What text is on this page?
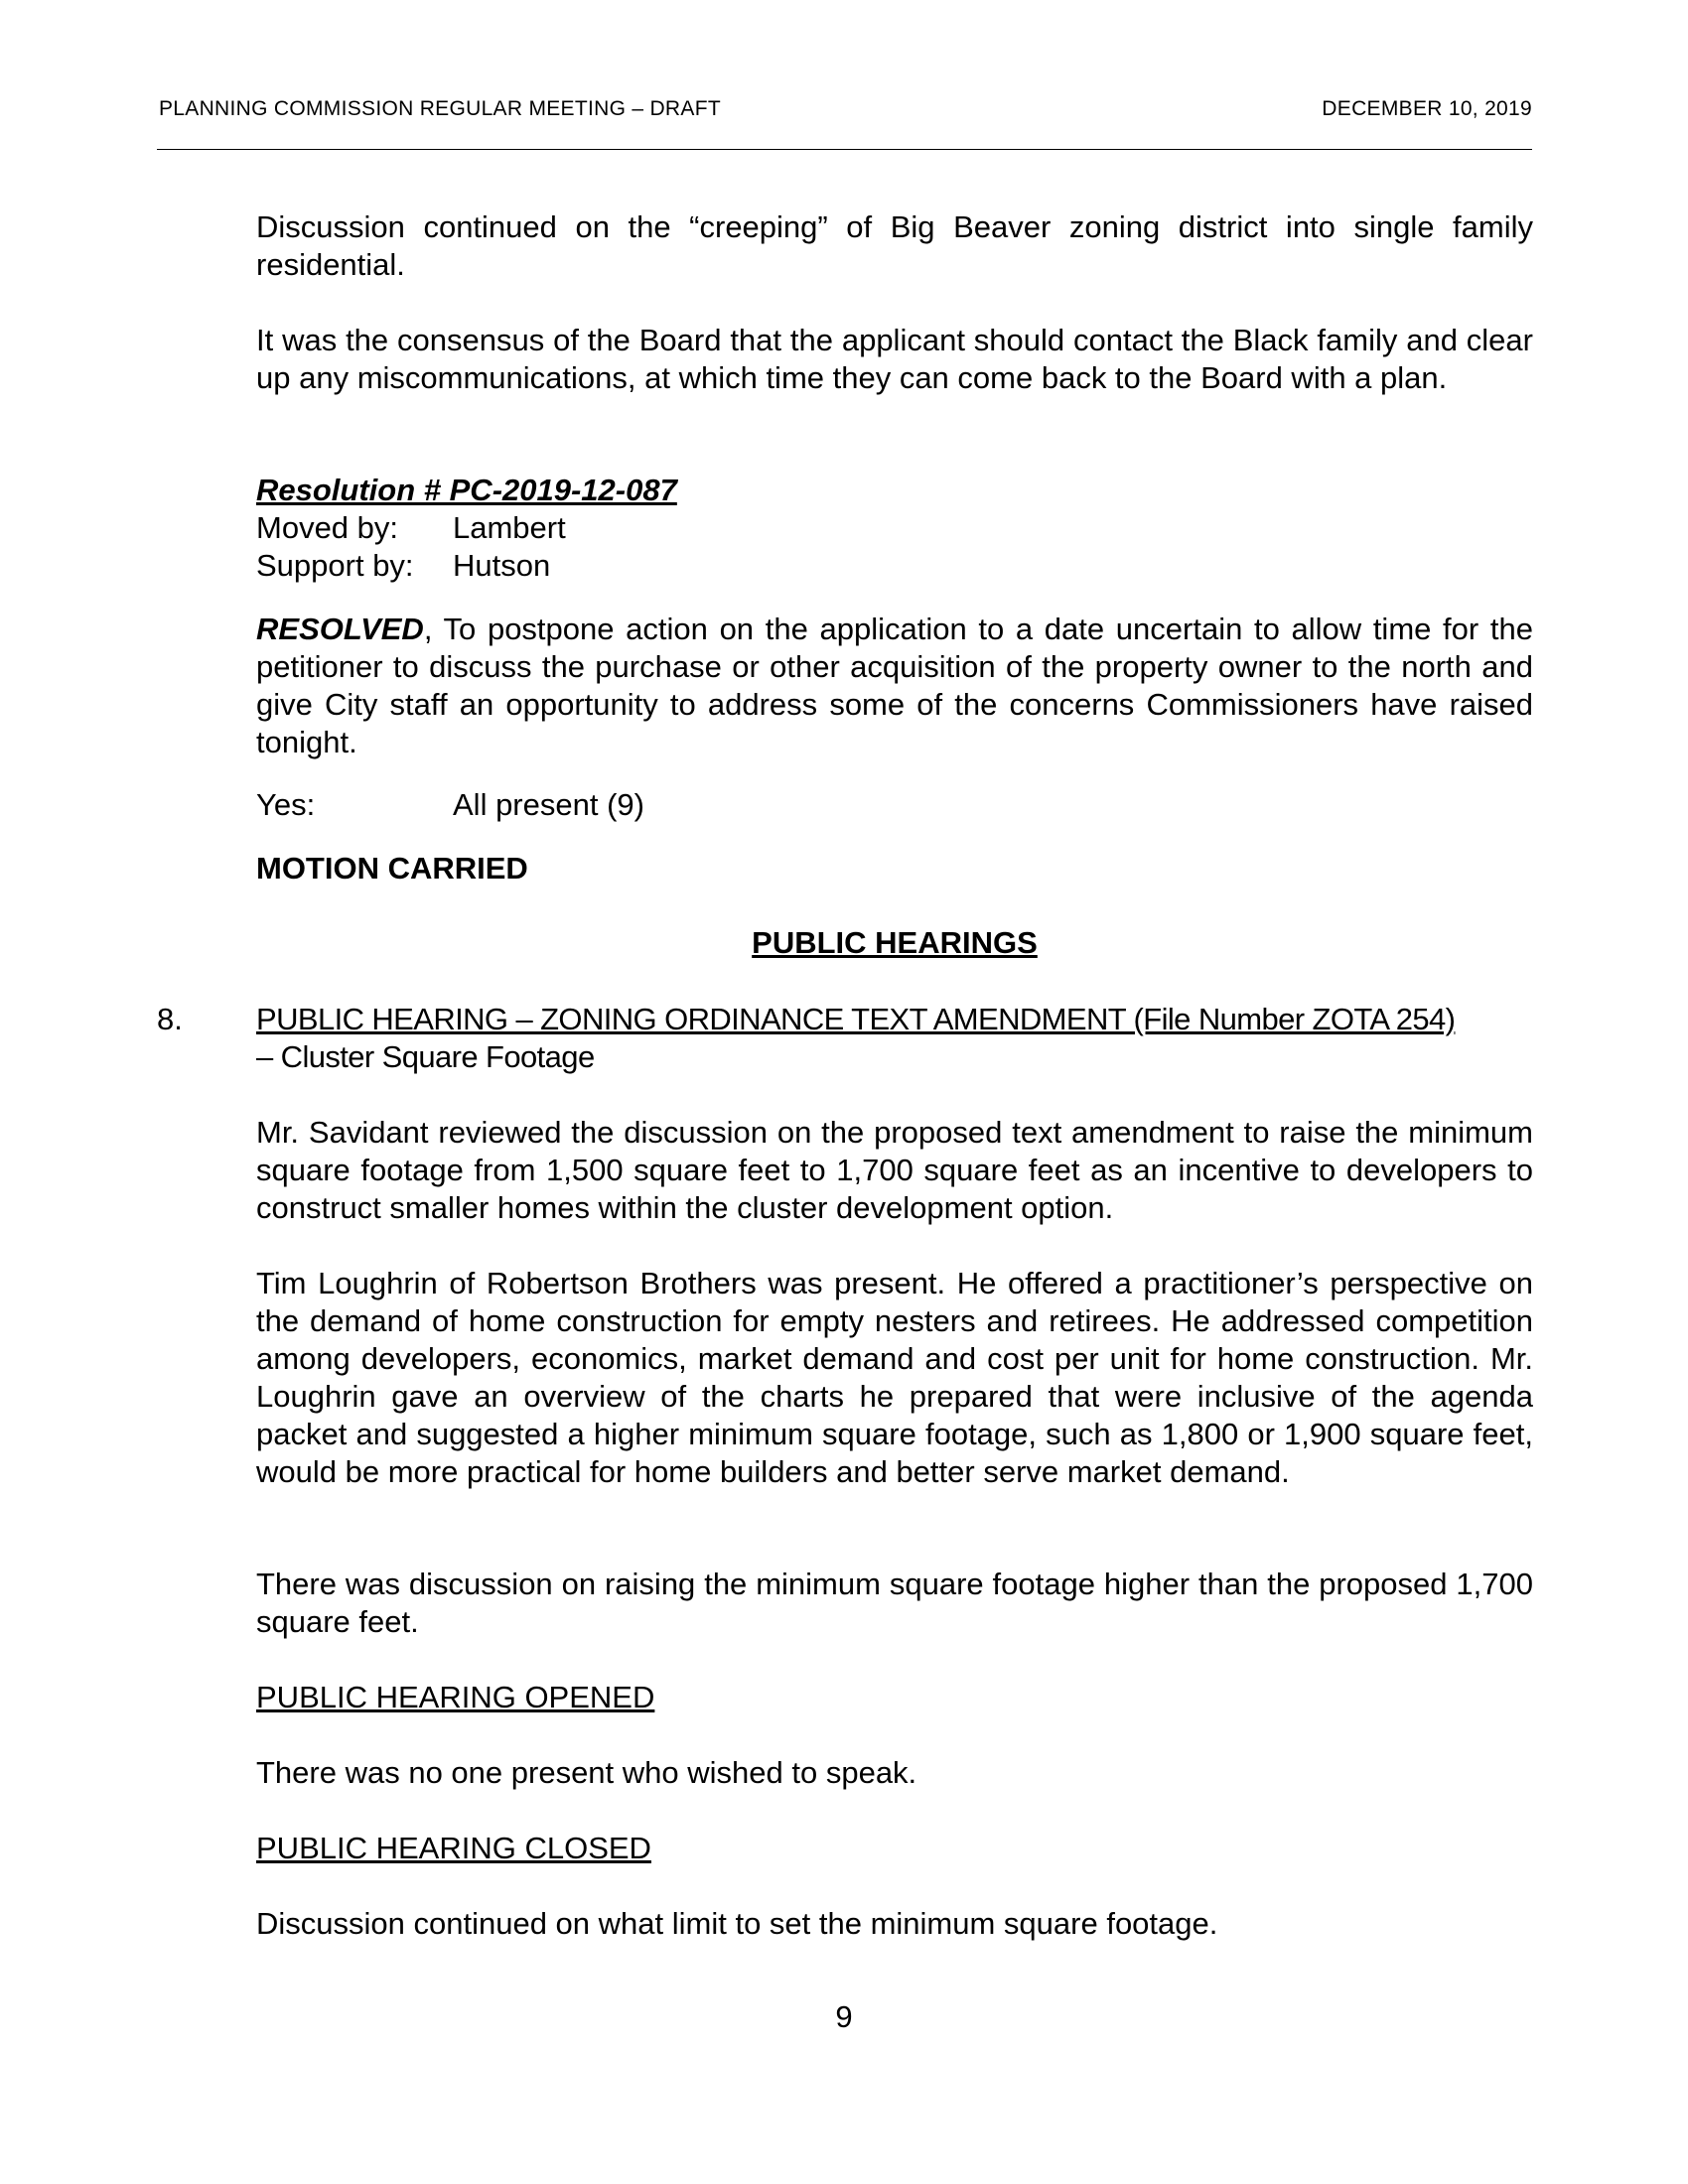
PLANNING COMMISSION REGULAR MEETING – DRAFT	DECEMBER 10, 2019

Discussion continued on the “creeping” of Big Beaver zoning district into single family residential.

It was the consensus of the Board that the applicant should contact the Black family and clear up any miscommunications, at which time they can come back to the Board with a plan.

Resolution # PC-2019-12-087
Moved by:	Lambert
Support by:	Hutson

RESOLVED, To postpone action on the application to a date uncertain to allow time for the petitioner to discuss the purchase or other acquisition of the property owner to the north and give City staff an opportunity to address some of the concerns Commissioners have raised tonight.

Yes:	All present (9)
MOTION CARRIED
PUBLIC HEARINGS
8. PUBLIC HEARING – ZONING ORDINANCE TEXT AMENDMENT (File Number ZOTA 254)
– Cluster Square Footage

Mr. Savidant reviewed the discussion on the proposed text amendment to raise the minimum square footage from 1,500 square feet to 1,700 square feet as an incentive to developers to construct smaller homes within the cluster development option.

Tim Loughrin of Robertson Brothers was present. He offered a practitioner’s perspective on the demand of home construction for empty nesters and retirees. He addressed competition among developers, economics, market demand and cost per unit for home construction. Mr. Loughrin gave an overview of the charts he prepared that were inclusive of the agenda packet and suggested a higher minimum square footage, such as 1,800 or 1,900 square feet, would be more practical for home builders and better serve market demand.

There was discussion on raising the minimum square footage higher than the proposed 1,700 square feet.

PUBLIC HEARING OPENED
There was no one present who wished to speak.
PUBLIC HEARING CLOSED
Discussion continued on what limit to set the minimum square footage.
9
